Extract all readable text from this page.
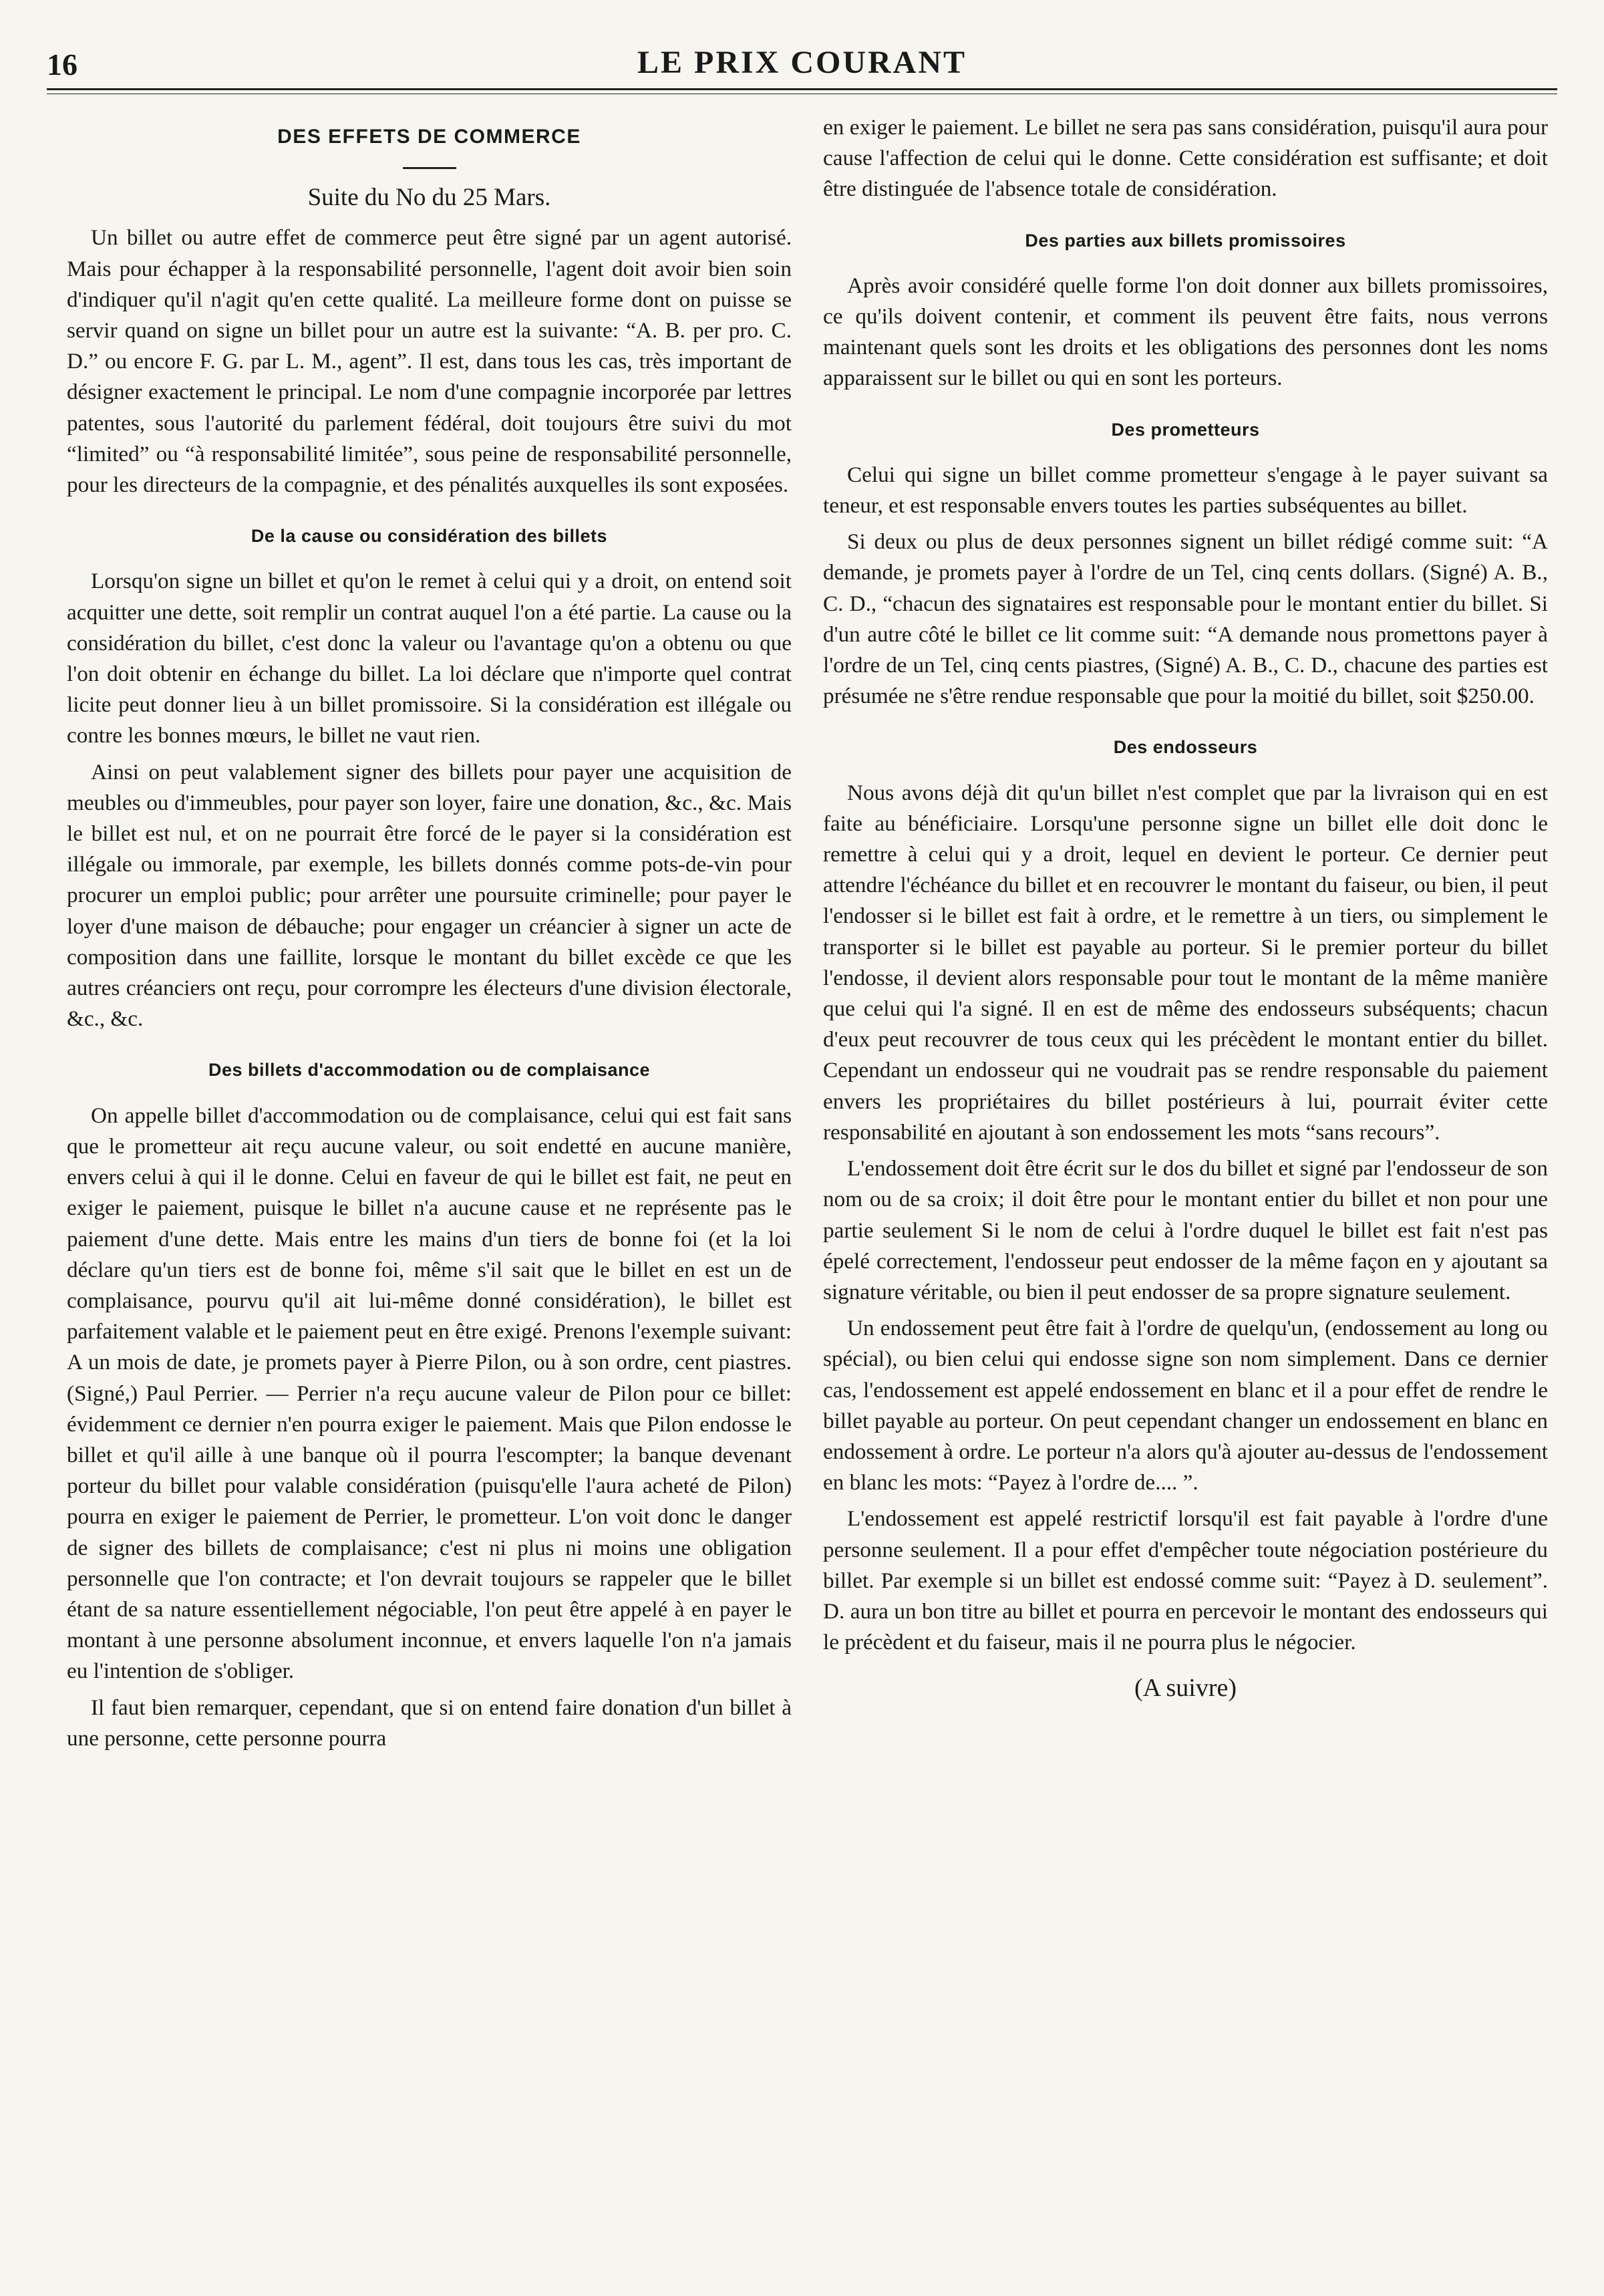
16	LE PRIX COURANT
DES EFFETS DE COMMERCE
Suite du No du 25 Mars.

Un billet ou autre effet de commerce peut être signé par un agent autorisé. Mais pour échapper à la responsabilité personnelle, l'agent doit avoir bien soin d'indiquer qu'il n'agit qu'en cette qualité. La meilleure forme dont on puisse se servir quand on signe un billet pour un autre est la suivante: “A. B. per pro. C. D.” ou encore F. G. par L. M., agent”. Il est, dans tous les cas, très important de désigner exactement le principal. Le nom d'une compagnie incorporée par lettres patentes, sous l'autorité du parlement fédéral, doit toujours être suivi du mot “limited” ou “à responsabilité limitée”, sous peine de responsabilité personnelle, pour les directeurs de la compagnie, et des pénalités auxquelles ils sont exposées.

De la cause ou considération des billets

Lorsqu'on signe un billet et qu'on le remet à celui qui y a droit, on entend soit acquitter une dette, soit remplir un contrat auquel l'on a été partie. La cause ou la considération du billet, c'est donc la valeur ou l'avantage qu'on a obtenu ou que l'on doit obtenir en échange du billet. La loi déclare que n'importe quel contrat licite peut donner lieu à un billet promissoire. Si la considération est illégale ou contre les bonnes mœurs, le billet ne vaut rien.

Ainsi on peut valablement signer des billets pour payer une acquisition de meubles ou d'immeubles, pour payer son loyer, faire une donation, &c., &c. Mais le billet est nul, et on ne pourrait être forcé de le payer si la considération est illégale ou immorale, par exemple, les billets donnés comme pots-de-vin pour procurer un emploi public; pour arrêter une poursuite criminelle; pour payer le loyer d'une maison de débauche; pour engager un créancier à signer un acte de composition dans une faillite, lorsque le montant du billet excède ce que les autres créanciers ont reçu, pour corrompre les électeurs d'une division électorale, &c., &c.

Des billets d'accommodation ou de complaisance

On appelle billet d'accommodation ou de complaisance, celui qui est fait sans que le prometteur ait reçu aucune valeur, ou soit endetté en aucune manière, envers celui à qui il le donne. Celui en faveur de qui le billet est fait, ne peut en exiger le paiement, puisque le billet n'a aucune cause et ne représente pas le paiement d'une dette. Mais entre les mains d'un tiers de bonne foi (et la loi déclare qu'un tiers est de bonne foi, même s'il sait que le billet en est un de complaisance, pourvu qu'il ait lui-même donné considération), le billet est parfaitement valable et le paiement peut en être exigé. Prenons l'exemple suivant: A un mois de date, je promets payer à Pierre Pilon, ou à son ordre, cent piastres. (Signé,) Paul Perrier. — Perrier n'a reçu aucune valeur de Pilon pour ce billet: évidemment ce dernier n'en pourra exiger le paiement. Mais que Pilon endosse le billet et qu'il aille à une banque où il pourra l'escompter; la banque devenant porteur du billet pour valable considération (puisqu'elle l'aura acheté de Pilon) pourra en exiger le paiement de Perrier, le prometteur. L'on voit donc le danger de signer des billets de complaisance; c'est ni plus ni moins une obligation personnelle que l'on contracte; et l'on devrait toujours se rappeler que le billet étant de sa nature essentiellement négociable, l'on peut être appelé à en payer le montant à une personne absolument inconnue, et envers laquelle l'on n'a jamais eu l'intention de s'obliger.

Il faut bien remarquer, cependant, que si on entend faire donation d'un billet à une personne, cette personne pourra

en exiger le paiement. Le billet ne sera pas sans considération, puisqu'il aura pour cause l'affection de celui qui le donne. Cette considération est suffisante; et doit être distinguée de l'absence totale de considération.

Des parties aux billets promissoires

Après avoir considéré quelle forme l'on doit donner aux billets promissoires, ce qu'ils doivent contenir, et comment ils peuvent être faits, nous verrons maintenant quels sont les droits et les obligations des personnes dont les noms apparaissent sur le billet ou qui en sont les porteurs.

Des prometteurs

Celui qui signe un billet comme prometteur s'engage à le payer suivant sa teneur, et est responsable envers toutes les parties subséquentes au billet.

Si deux ou plus de deux personnes signent un billet rédigé comme suit: “A demande, je promets payer à l'ordre de un Tel, cinq cents dollars. (Signé) A. B., C. D., “chacun des signataires est responsable pour le montant entier du billet. Si d'un autre côté le billet ce lit comme suit: “A demande nous promettons payer à l'ordre de un Tel, cinq cents piastres, (Signé) A. B., C. D., chacune des parties est présumée ne s'être rendue responsable que pour la moitié du billet, soit $250.00.

Des endosseurs

Nous avons déjà dit qu'un billet n'est complet que par la livraison qui en est faite au bénéficiaire. Lorsqu'une personne signe un billet elle doit donc le remettre à celui qui y a droit, lequel en devient le porteur. Ce dernier peut attendre l'échéance du billet et en recouvrer le montant du faiseur, ou bien, il peut l'endosser si le billet est fait à ordre, et le remettre à un tiers, ou simplement le transporter si le billet est payable au porteur. Si le premier porteur du billet l'endosse, il devient alors responsable pour tout le montant de la même manière que celui qui l'a signé. Il en est de même des endosseurs subséquents; chacun d'eux peut recouvrer de tous ceux qui les précèdent le montant entier du billet. Cependant un endosseur qui ne voudrait pas se rendre responsable du paiement envers les propriétaires du billet postérieurs à lui, pourrait éviter cette responsabilité en ajoutant à son endossement les mots “sans recours”.

L'endossement doit être écrit sur le dos du billet et signé par l'endosseur de son nom ou de sa croix; il doit être pour le montant entier du billet et non pour une partie seulement Si le nom de celui à l'ordre duquel le billet est fait n'est pas épelé correctement, l'endosseur peut endosser de la même façon en y ajoutant sa signature véritable, ou bien il peut endosser de sa propre signature seulement.

Un endossement peut être fait à l'ordre de quelqu'un, (endossement au long ou spécial), ou bien celui qui endosse signe son nom simplement. Dans ce dernier cas, l'endossement est appelé endossement en blanc et il a pour effet de rendre le billet payable au porteur. On peut cependant changer un endossement en blanc en endossement à ordre. Le porteur n'a alors qu'à ajouter au-dessus de l'endossement en blanc les mots: “Payez à l'ordre de.... ”.

L'endossement est appelé restrictif lorsqu'il est fait payable à l'ordre d'une personne seulement. Il a pour effet d'empêcher toute négociation postérieure du billet. Par exemple si un billet est endossé comme suit: “Payez à D. seulement”. D. aura un bon titre au billet et pourra en percevoir le montant des endosseurs qui le précèdent et du faiseur, mais il ne pourra plus le négocier.

(A suivre)
